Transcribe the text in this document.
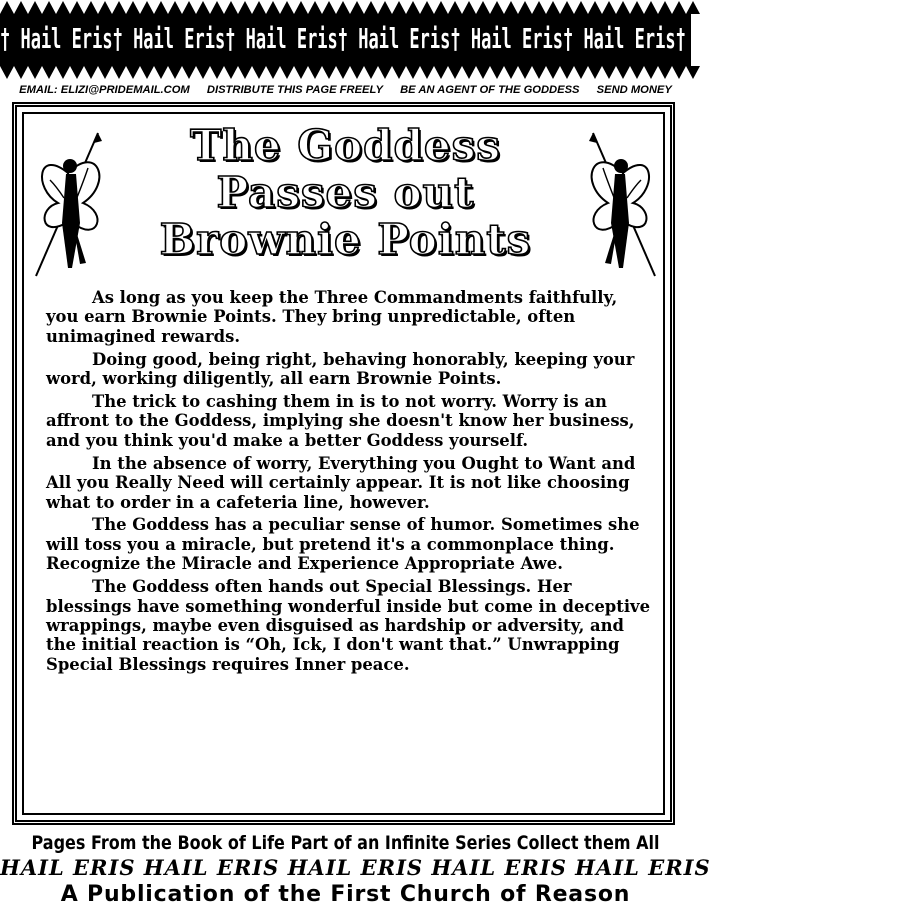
† Hail Eris † Hail Eris † Hail Eris † Hail Eris † Hail Eris † Hail Eris † Hail Eris † Hail Eris
EMAIL: ELIZI@PRIDEMAIL.COM DISTRIBUTE THIS PAGE FREELY BE AN AGENT OF THE GODDESS SEND MONEY
The Goddess
Passes out
Brownie Points

As long as you keep the Three Commandments faithfully, you earn Brownie Points. They bring unpredictable, often unimagined rewards.

Doing good, being right, behaving honorably, keeping your word, working diligently, all earn Brownie Points.

The trick to cashing them in is to not worry. Worry is an affront to the Goddess, implying she doesn't know her business, and you think you'd make a better Goddess yourself.

In the absence of worry, Everything you Ought to Want and All you Really Need will certainly appear. It is not like choosing what to order in a cafeteria line, however.

The Goddess has a peculiar sense of humor. Sometimes she will toss you a miracle, but pretend it's a commonplace thing. Recognize the Miracle and Experience Appropriate Awe.

The Goddess often hands out Special Blessings. Her blessings have something wonderful inside but come in deceptive wrappings, maybe even disguised as hardship or adversity, and the initial reaction is “Oh, Ick, I don't want that.” Unwrapping Special Blessings requires Inner peace.

Pages From the Book of Life Part of an Infinite Series Collect them All
HAIL ERIS HAIL ERIS HAIL ERIS HAIL ERIS HAIL ERIS
A Publication of the First Church of Reason
